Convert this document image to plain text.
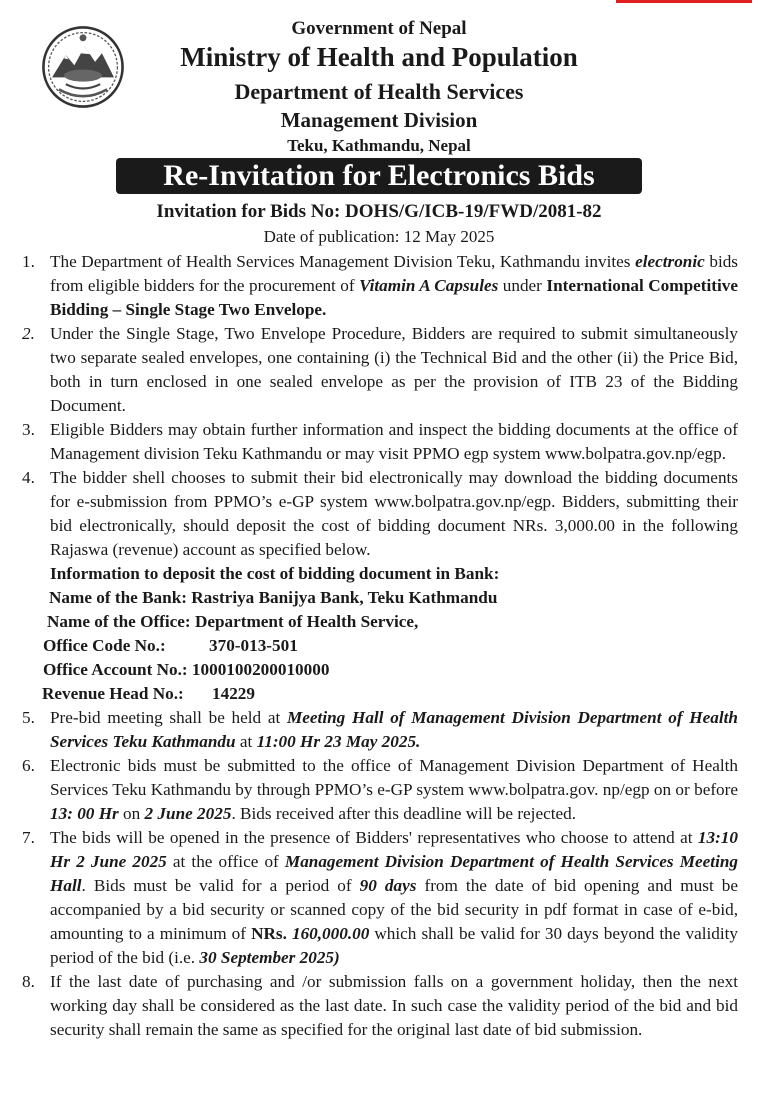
Government of Nepal
Ministry of Health and Population
Department of Health Services
Management Division
Teku, Kathmandu, Nepal
Re-Invitation for Electronics Bids
Invitation for Bids No: DOHS/G/ICB-19/FWD/2081-82
Date of publication: 12 May 2025
1. The Department of Health Services Management Division Teku, Kathmandu invites electronic bids from eligible bidders for the procurement of Vitamin A Capsules under International Competitive Bidding – Single Stage Two Envelope.
2. Under the Single Stage, Two Envelope Procedure, Bidders are required to submit simultaneously two separate sealed envelopes, one containing (i) the Technical Bid and the other (ii) the Price Bid, both in turn enclosed in one sealed envelope as per the provision of ITB 23 of the Bidding Document.
3. Eligible Bidders may obtain further information and inspect the bidding documents at the office of Management division Teku Kathmandu or may visit PPMO egp system www.bolpatra.gov.np/egp.
4. The bidder shell chooses to submit their bid electronically may download the bidding documents for e-submission from PPMO’s e-GP system www.bolpatra.gov.np/egp. Bidders, submitting their bid electronically, should deposit the cost of bidding document NRs. 3,000.00 in the following Rajaswa (revenue) account as specified below.
Information to deposit the cost of bidding document in Bank:
Name of the Bank: Rastriya Banijya Bank, Teku Kathmandu
Name of the Office: Department of Health Service,
Office Code No.:	370-013-501
Office Account No.: 1000100200010000
Revenue Head No.: 14229
5. Pre-bid meeting shall be held at Meeting Hall of Management Division Department of Health Services Teku Kathmandu at 11:00 Hr 23 May 2025.
6. Electronic bids must be submitted to the office of Management Division Department of Health Services Teku Kathmandu by through PPMO’s e-GP system www.bolpatra.gov. np/egp on or before 13: 00 Hr on 2 June 2025. Bids received after this deadline will be rejected.
7. The bids will be opened in the presence of Bidders' representatives who choose to attend at 13:10 Hr 2 June 2025 at the office of Management Division Department of Health Services Meeting Hall. Bids must be valid for a period of 90 days from the date of bid opening and must be accompanied by a bid security or scanned copy of the bid security in pdf format in case of e-bid, amounting to a minimum of NRs. 160,000.00 which shall be valid for 30 days beyond the validity period of the bid (i.e. 30 September 2025)
8. If the last date of purchasing and /or submission falls on a government holiday, then the next working day shall be considered as the last date. In such case the validity period of the bid and bid security shall remain the same as specified for the original last date of bid submission.
